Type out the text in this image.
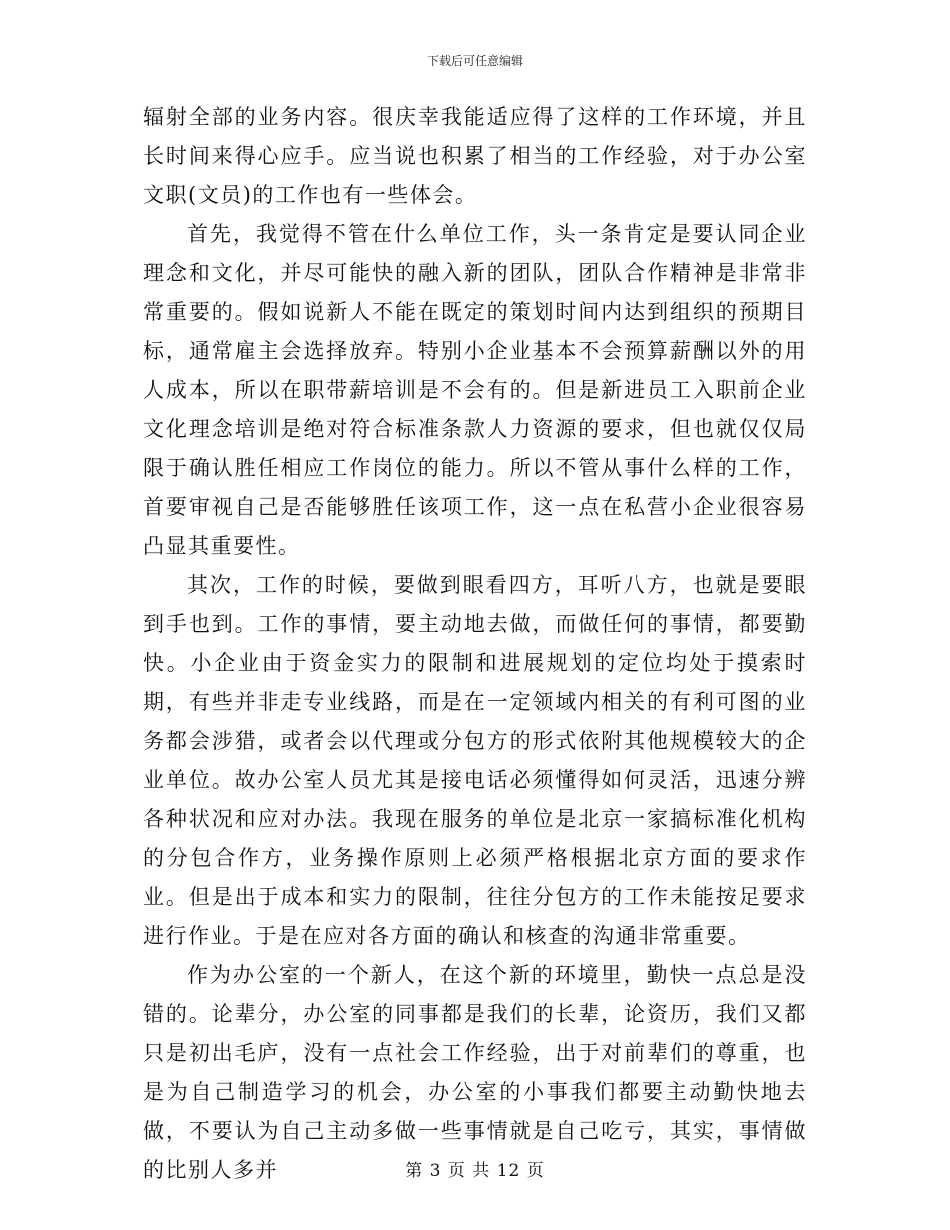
下载后可任意编辑

辐射全部的业务内容。很庆幸我能适应得了这样的工作环境，并且长时间来得心应手。应当说也积累了相当的工作经验，对于办公室文职(文员)的工作也有一些体会。

首先，我觉得不管在什么单位工作，头一条肯定是要认同企业理念和文化，并尽可能快的融入新的团队，团队合作精神是非常非常重要的。假如说新人不能在既定的策划时间内达到组织的预期目标，通常雇主会选择放弃。特别小企业基本不会预算薪酬以外的用人成本，所以在职带薪培训是不会有的。但是新进员工入职前企业文化理念培训是绝对符合标准条款人力资源的要求，但也就仅仅局限于确认胜任相应工作岗位的能力。所以不管从事什么样的工作，首要审视自己是否能够胜任该项工作，这一点在私营小企业很容易凸显其重要性。

其次，工作的时候，要做到眼看四方，耳听八方，也就是要眼到手也到。工作的事情，要主动地去做，而做任何的事情，都要勤快。小企业由于资金实力的限制和进展规划的定位均处于摸索时期，有些并非走专业线路，而是在一定领域内相关的有利可图的业务都会涉猎，或者会以代理或分包方的形式依附其他规模较大的企业单位。故办公室人员尤其是接电话必须懂得如何灵活，迅速分辨各种状况和应对办法。我现在服务的单位是北京一家搞标准化机构的分包合作方，业务操作原则上必须严格根据北京方面的要求作业。但是出于成本和实力的限制，往往分包方的工作未能按足要求进行作业。于是在应对各方面的确认和核查的沟通非常重要。

作为办公室的一个新人，在这个新的环境里，勤快一点总是没错的。论辈分，办公室的同事都是我们的长辈，论资历，我们又都只是初出毛庐，没有一点社会工作经验，出于对前辈们的尊重，也是为自己制造学习的机会，办公室的小事我们都要主动勤快地去做，不要认为自己主动多做一些事情就是自己吃亏，其实，事情做的比别人多并	第 3 页 共 12 页
